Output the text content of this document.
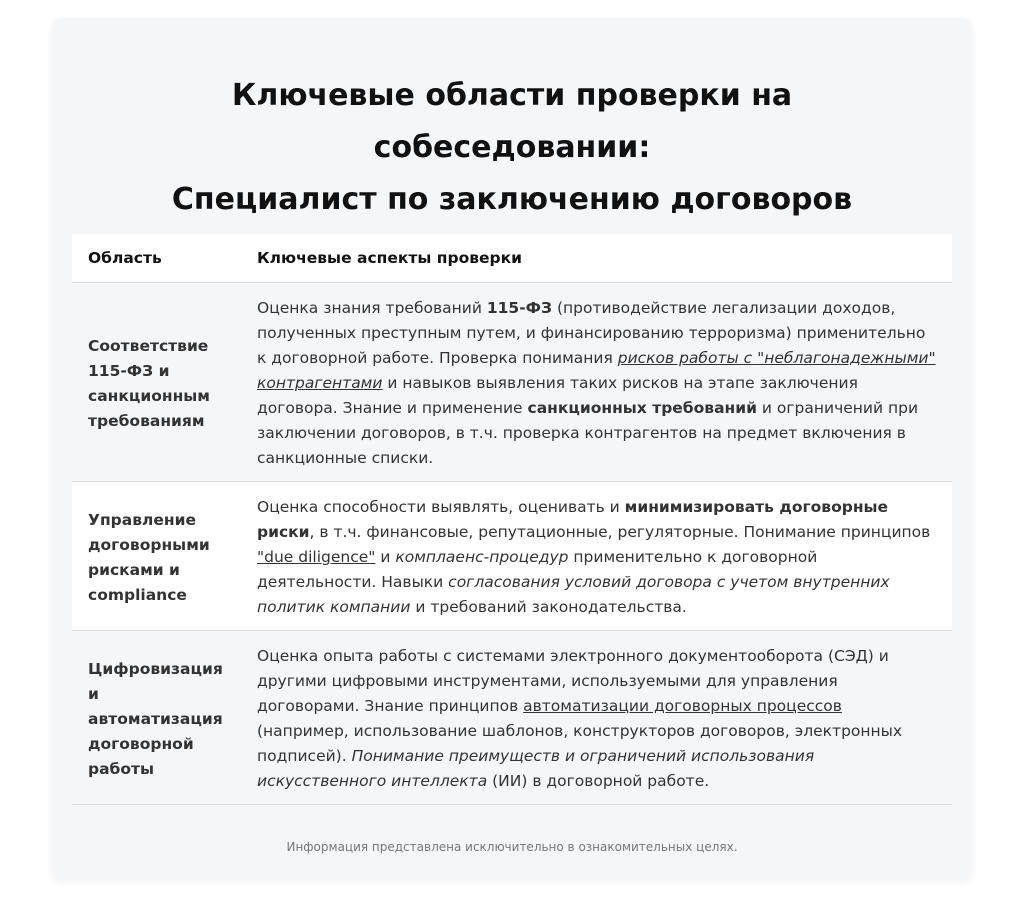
Ключевые области проверки на
собеседовании:
Специалист по заключению договоров
Область	Ключевые аспекты проверки
Соответствие 115-ФЗ и санкционным требованиям	Оценка знания требований 115-ФЗ (противодействие легализации доходов, полученных преступным путем, и финансированию терроризма) применительно к договорной работе. Проверка понимания рисков работы с "неблагонадежными" контрагентами и навыков выявления таких рисков на этапе заключения договора. Знание и применение санкционных требований и ограничений при заключении договоров, в т.ч. проверка контрагентов на предмет включения в санкционные списки.
Управление договорными рисками и compliance	Оценка способности выявлять, оценивать и минимизировать договорные риски, в т.ч. финансовые, репутационные, регуляторные. Понимание принципов "due diligence" и комплаенс-процедур применительно к договорной деятельности. Навыки согласования условий договора с учетом внутренних политик компании и требований законодательства.
Цифровизация и автоматизация договорной работы	Оценка опыта работы с системами электронного документооборота (СЭД) и другими цифровыми инструментами, используемыми для управления договорами. Знание принципов автоматизации договорных процессов (например, использование шаблонов, конструкторов договоров, электронных подписей). Понимание преимуществ и ограничений использования искусственного интеллекта (ИИ) в договорной работе.
Информация представлена исключительно в ознакомительных целях.
